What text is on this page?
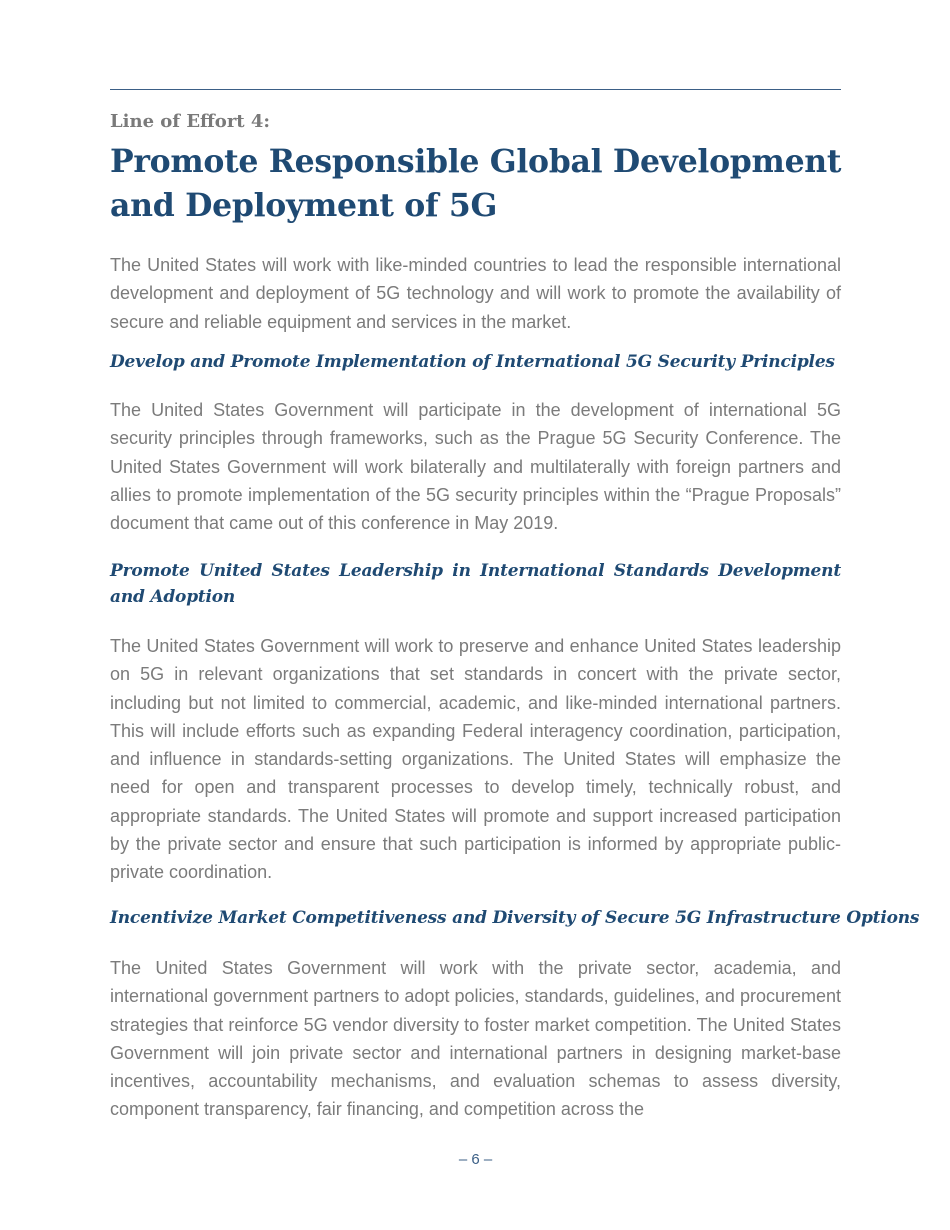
Line of Effort 4:
Promote Responsible Global Development and Deployment of 5G

The United States will work with like-minded countries to lead the responsible international development and deployment of 5G technology and will work to promote the availability of secure and reliable equipment and services in the market.

Develop and Promote Implementation of International 5G Security Principles

The United States Government will participate in the development of international 5G security principles through frameworks, such as the Prague 5G Security Conference. The United States Government will work bilaterally and multilaterally with foreign partners and allies to promote implementation of the 5G security principles within the “Prague Proposals” document that came out of this conference in May 2019.

Promote United States Leadership in International Standards Development and Adoption

The United States Government will work to preserve and enhance United States leadership on 5G in relevant organizations that set standards in concert with the private sector, including but not limited to commercial, academic, and like-minded international partners. This will include efforts such as expanding Federal interagency coordination, participation, and influence in standards-setting organizations. The United States will emphasize the need for open and transparent processes to develop timely, technically robust, and appropriate standards. The United States will promote and support increased participation by the private sector and ensure that such participation is informed by appropriate public-private coordination.

Incentivize Market Competitiveness and Diversity of Secure 5G Infrastructure Options

The United States Government will work with the private sector, academia, and international government partners to adopt policies, standards, guidelines, and procurement strategies that reinforce 5G vendor diversity to foster market competition. The United States Government will join private sector and international partners in designing market-base incentives, accountability mechanisms, and evaluation schemas to assess diversity, component transparency, fair financing, and competition across the

– 6 –
